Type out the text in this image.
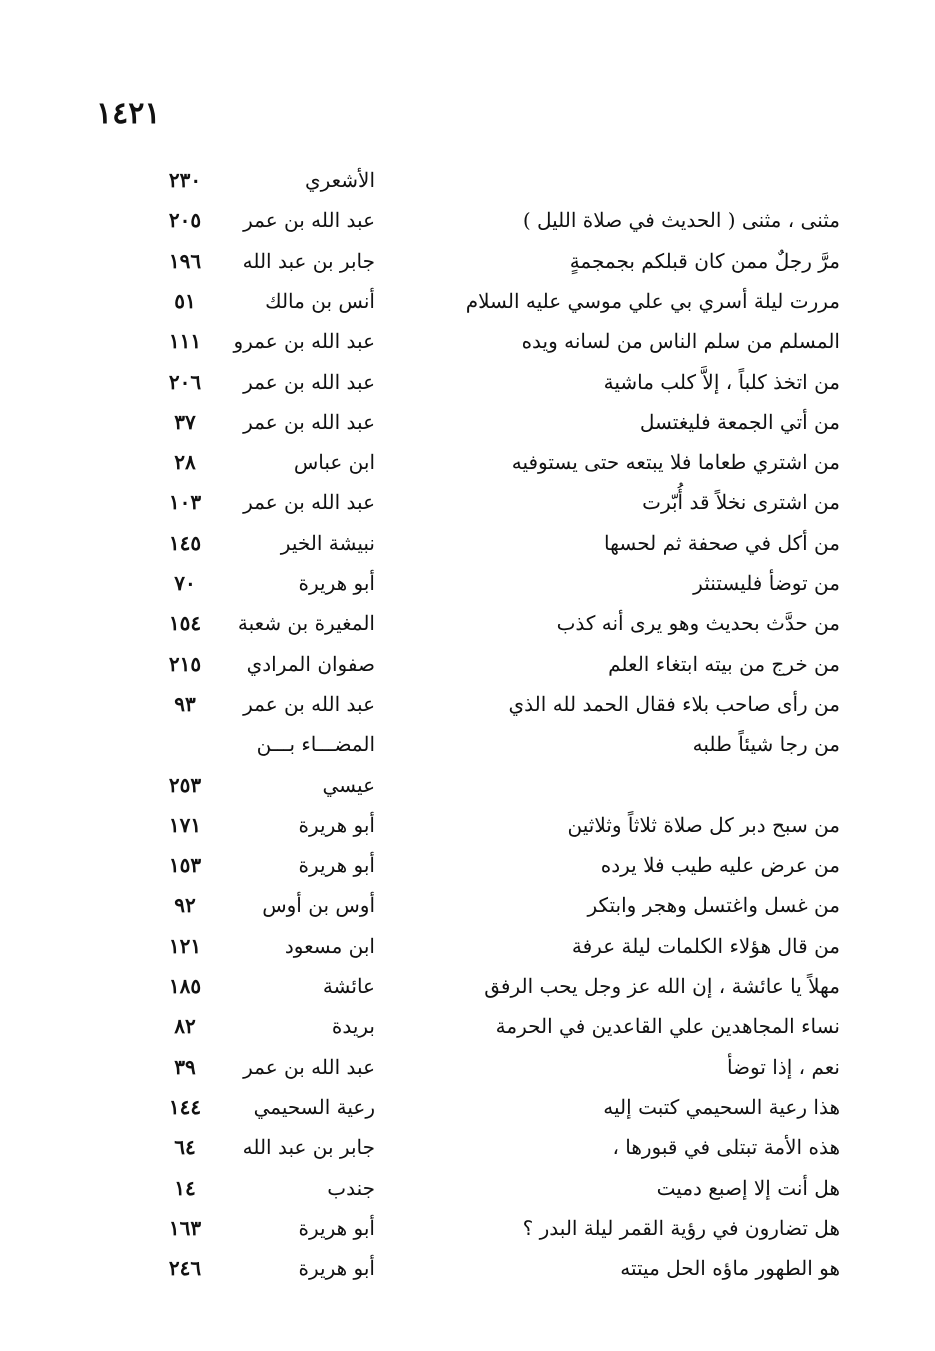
١٤٢١
الأشعري
٢٣٠
مثنى ، مثنى ( الحديث في صلاة الليل )
عبد الله بن عمر
٢٠٥
مرَّ رجلٌ ممن كان قبلكم بجمجمةٍ
جابر بن عبد الله
١٩٦
مررت ليلة أسري بي علي موسي عليه السلام
أنس بن مالك
٥١
المسلم من سلم الناس من لسانه ويده
عبد الله بن عمرو
١١١
من اتخذ كلباً ، إلاَّ كلب ماشية
عبد الله بن عمر
٢٠٦
من أتي الجمعة فليغتسل
عبد الله بن عمر
٣٧
من اشتري طعاما فلا يبتعه حتى يستوفيه
ابن عباس
٢٨
من اشترى نخلاً قد أُبّرت
عبد الله بن عمر
١٠٣
من أكل في صحفة ثم لحسها
نبيشة الخير
١٤٥
من توضأ فليستنثر
أبو هريرة
٧٠
من حدَّث بحديث وهو يرى أنه كذب
المغيرة بن شعبة
١٥٤
من خرج من بيته ابتغاء العلم
صفوان المرادي
٢١٥
من رأى صاحب بلاء فقال الحمد لله الذي
عبد الله بن عمر
٩٣
من رجا شيئاً طلبه
المضـــاء بـــن
عيسي
٢٥٣
من سبح دبر كل صلاة ثلاثاً وثلاثين
أبو هريرة
١٧١
من عرض عليه طيب فلا يرده
أبو هريرة
١٥٣
من غسل واغتسل وهجر وابتكر
أوس بن أوس
٩٢
من قال هؤلاء الكلمات ليلة عرفة
ابن مسعود
١٢١
مهلاً يا عائشة ، إن الله عز وجل يحب الرفق
عائشة
١٨٥
نساء المجاهدين علي القاعدين في الحرمة
بريدة
٨٢
نعم ، إذا توضأ
عبد الله بن عمر
٣٩
هذا رعية السحيمي كتبت إليه
رعية السحيمي
١٤٤
هذه الأمة تبتلى في قبورها ،
جابر بن عبد الله
٦٤
هل أنت إلا إصبع دميت
جندب
١٤
هل تضارون في رؤية القمر ليلة البدر ؟
أبو هريرة
١٦٣
هو الطهور ماؤه الحل ميتته
أبو هريرة
٢٤٦
